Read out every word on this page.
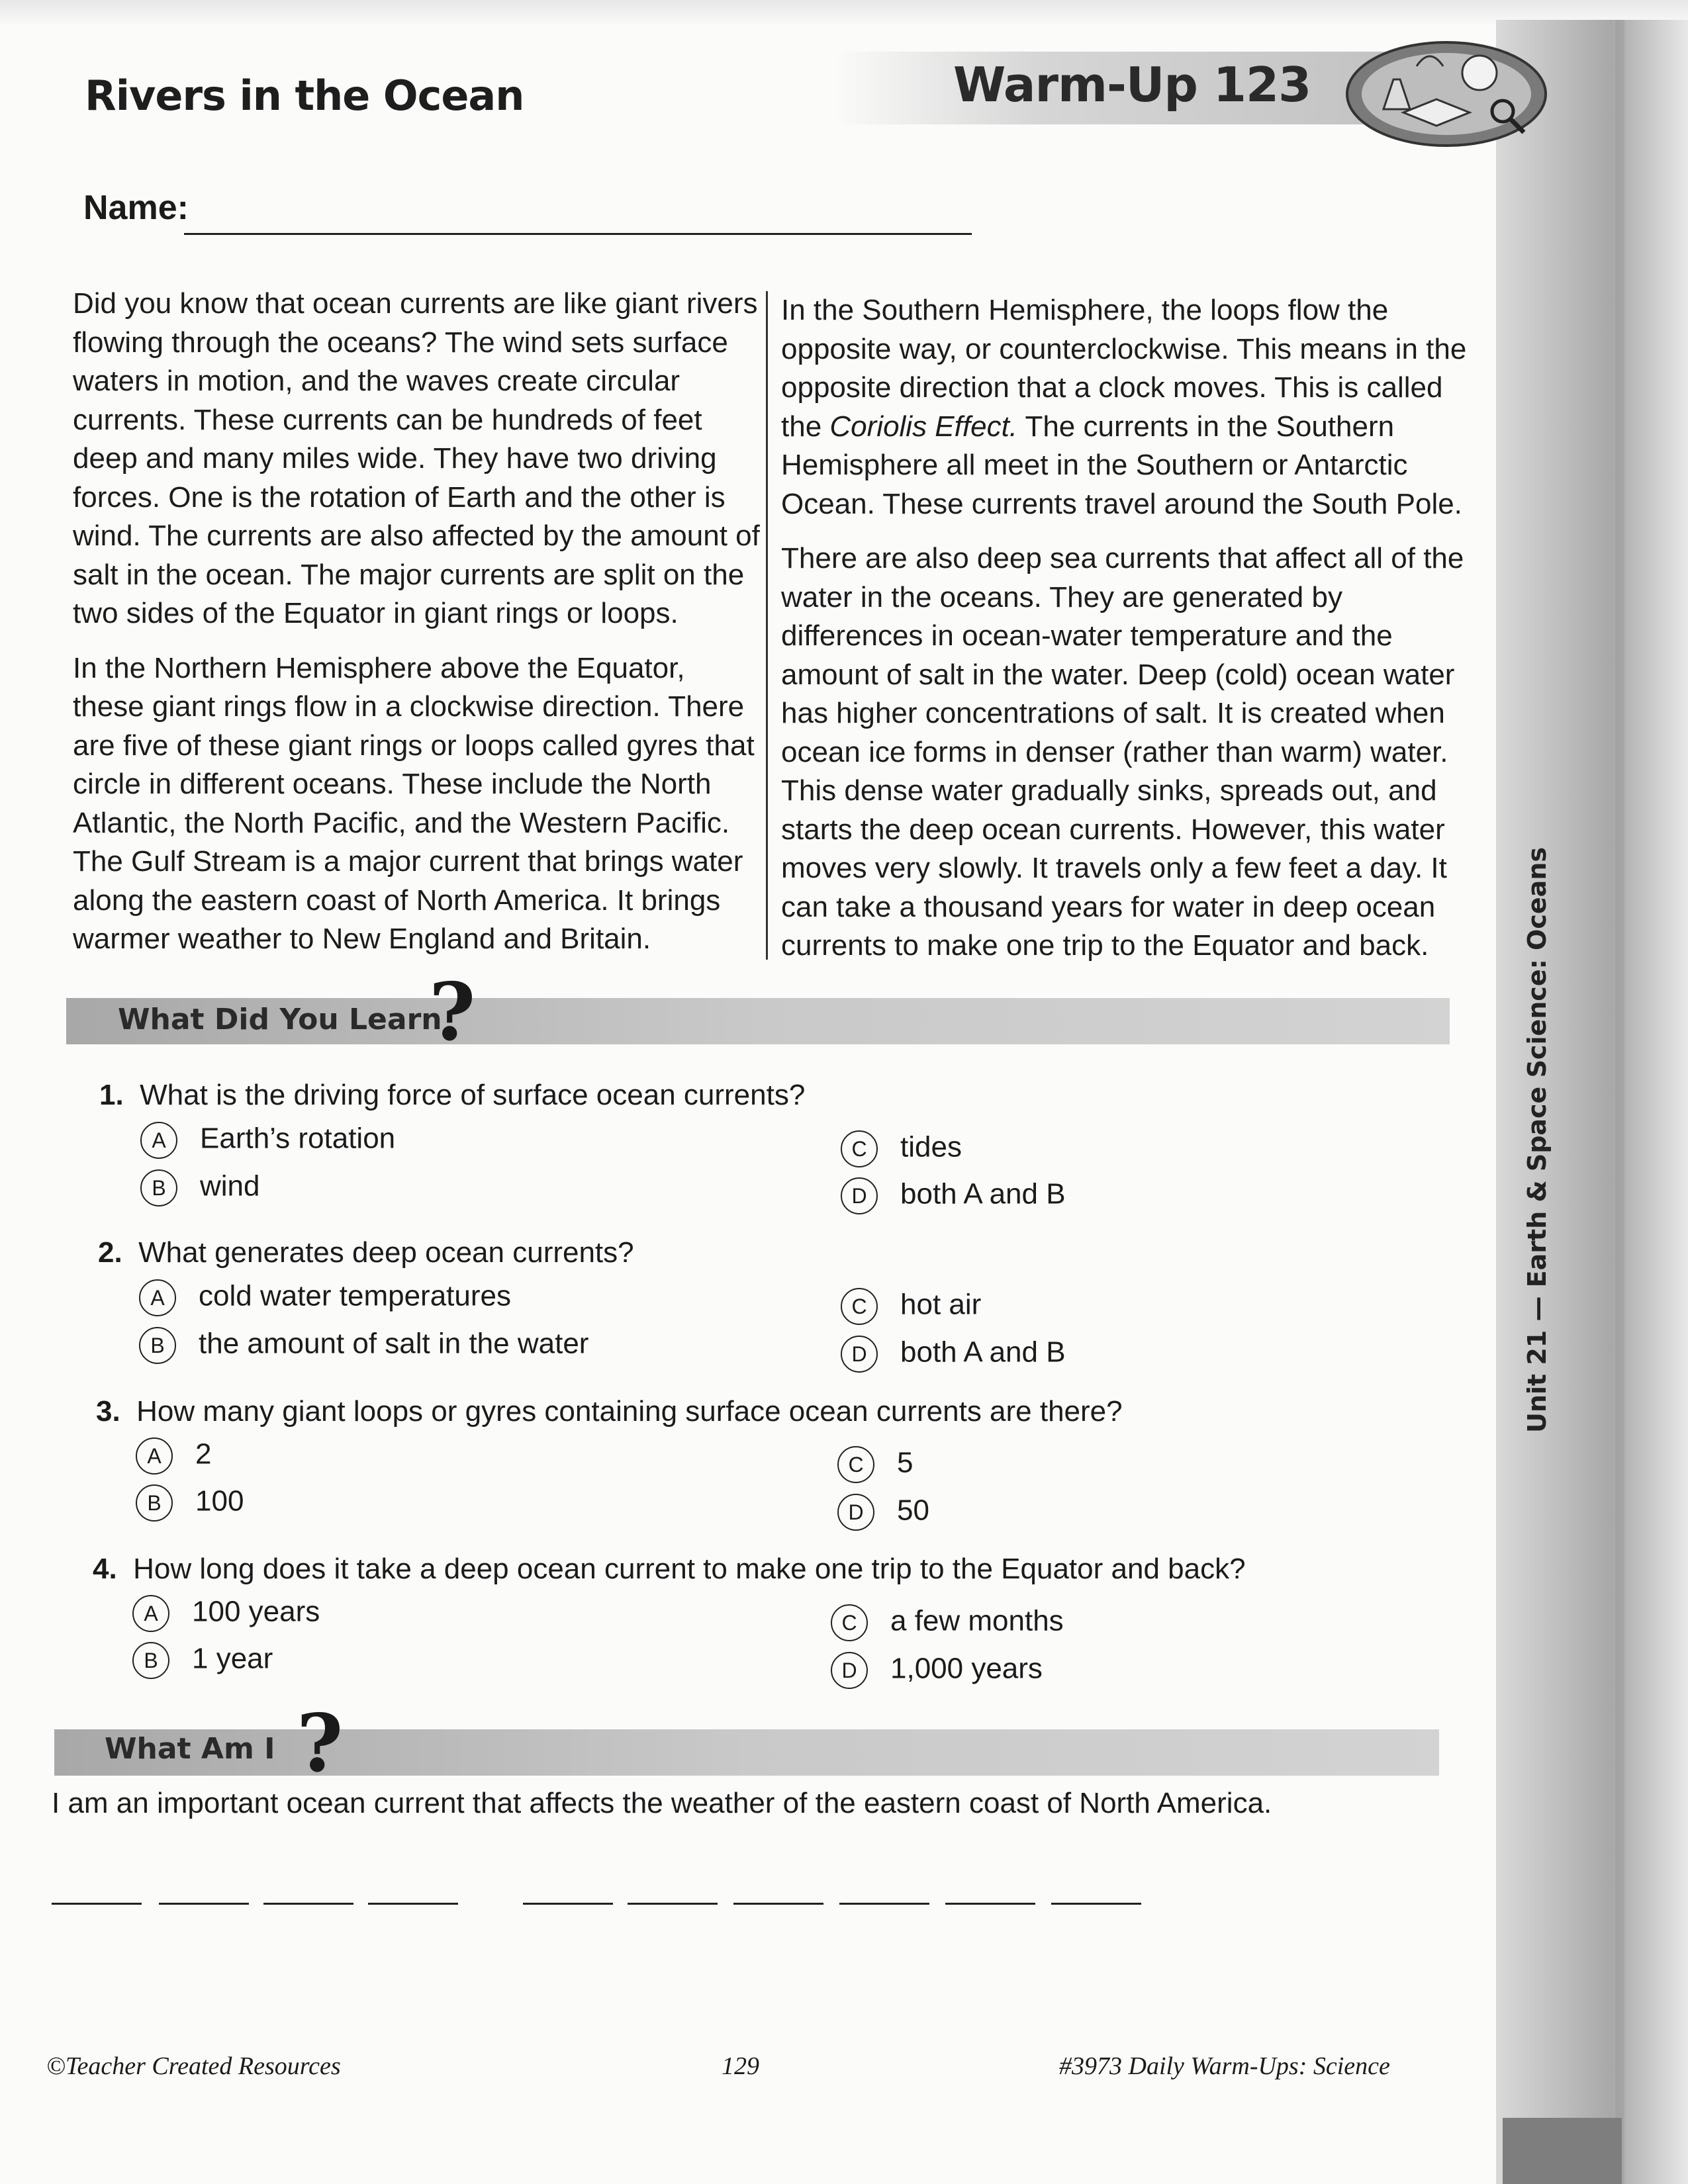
Rivers in the Ocean	Warm-Up 123
Name:

Did you know that ocean currents are like giant rivers flowing through the oceans? The wind sets surface waters in motion, and the waves create circular currents. These currents can be hundreds of feet deep and many miles wide. They have two driving forces. One is the rotation of Earth and the other is wind. The currents are also affected by the amount of salt in the ocean. The major currents are split on the two sides of the Equator in giant rings or loops.

In the Northern Hemisphere above the Equator, these giant rings flow in a clockwise direction. There are five of these giant rings or loops called gyres that circle in different oceans. These include the North Atlantic, the North Pacific, and the Western Pacific. The Gulf Stream is a major current that brings water along the eastern coast of North America. It brings warmer weather to New England and Britain.

In the Southern Hemisphere, the loops flow the opposite way, or counterclockwise. This means in the opposite direction that a clock moves. This is called the Coriolis Effect. The currents in the Southern Hemisphere all meet in the Southern or Antarctic Ocean. These currents travel around the South Pole.

There are also deep sea currents that affect all of the water in the oceans. They are generated by differences in ocean-water temperature and the amount of salt in the water. Deep (cold) ocean water has higher concentrations of salt. It is created when ocean ice forms in denser (rather than warm) water. This dense water gradually sinks, spreads out, and starts the deep ocean currents. However, this water moves very slowly. It travels only a few feet a day. It can take a thousand years for water in deep ocean currents to make one trip to the Equator and back.

What Did You Learn
?
1. What is the driving force of surface ocean currents?
A Earth’s rotation
B wind
C tides
D both A and B
2. What generates deep ocean currents?
A cold water temperatures
B the amount of salt in the water
C hot air
D both A and B
3. How many giant loops or gyres containing surface ocean currents are there?
A 2
B 100
C 5
D 50
4. How long does it take a deep ocean current to make one trip to the Equator and back?
A 100 years
B 1 year
C a few months
D 1,000 years
What Am I ?
I am an important ocean current that affects the weather of the eastern coast of North America.
Unit 21 — Earth & Space Science: Oceans
©Teacher Created Resources	129	#3973 Daily Warm-Ups: Science
